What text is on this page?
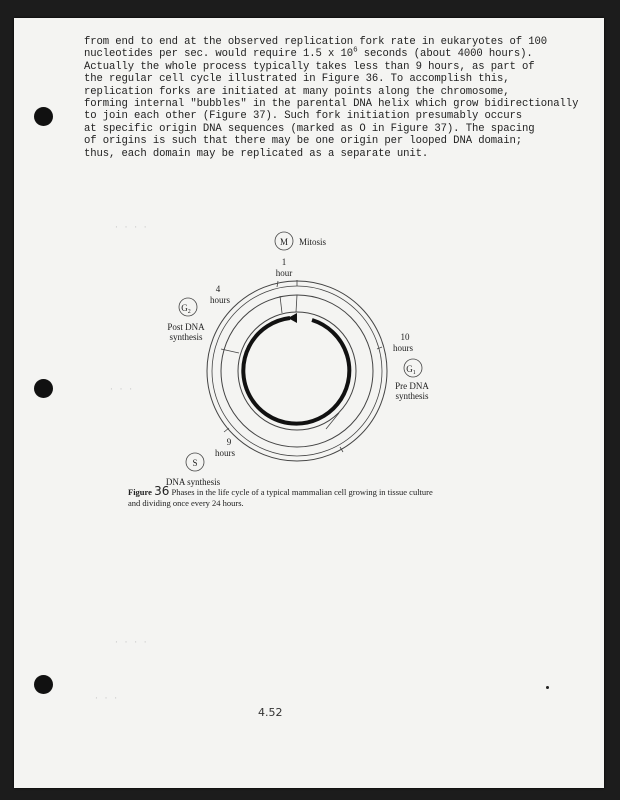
· · · ·
· · ·
· · · ·
· · ·
from end to end at the observed replication fork rate in eukaryotes of 100
nucleotides per sec. would require 1.5 x $10^6$ seconds (about 4000 hours).
Actually the whole process typically takes less than 9 hours, as part of
the regular cell cycle illustrated in Figure 36. To accomplish this,
replication forks are initiated at many points along the chromosome,
forming internal "bubbles" in the parental DNA helix which grow bidirectionally
to join each other (Figure 37). Such fork initiation presumably occurs
at specific origin DNA sequences (marked as O in Figure 37). The spacing
of origins is such that there may be one origin per looped DNA domain;
thus, each domain may be replicated as a separate unit.
M Mitosis
1
hour
$G_2$
4
hours
Post DNA
synthesis
$G_1$
10
hours
Pre DNA
synthesis
S
9
hours
DNA synthesis
Figure 36 Phases in the life cycle of a typical mammalian cell growing in tissue culture
and dividing once every 24 hours.
4.52
